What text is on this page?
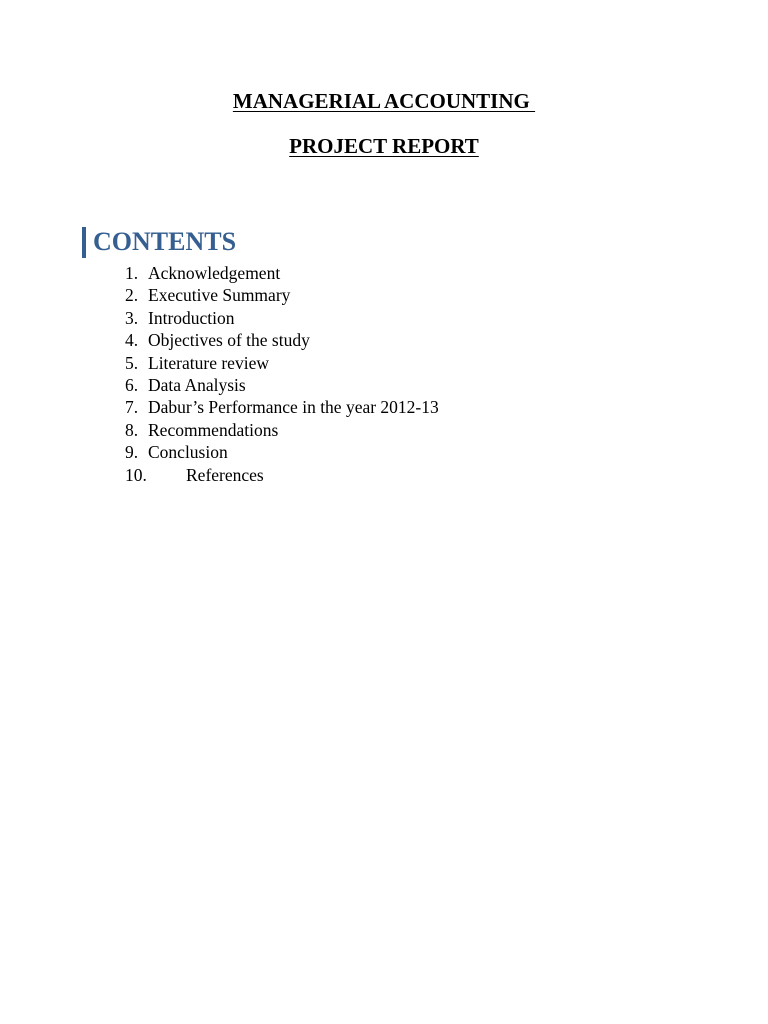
MANAGERIAL ACCOUNTING
PROJECT REPORT
CONTENTS
1. Acknowledgement
2. Executive Summary
3. Introduction
4. Objectives of the study
5. Literature review
6. Data Analysis
7. Dabur’s Performance in the year 2012-13
8. Recommendations
9. Conclusion
10.	References
